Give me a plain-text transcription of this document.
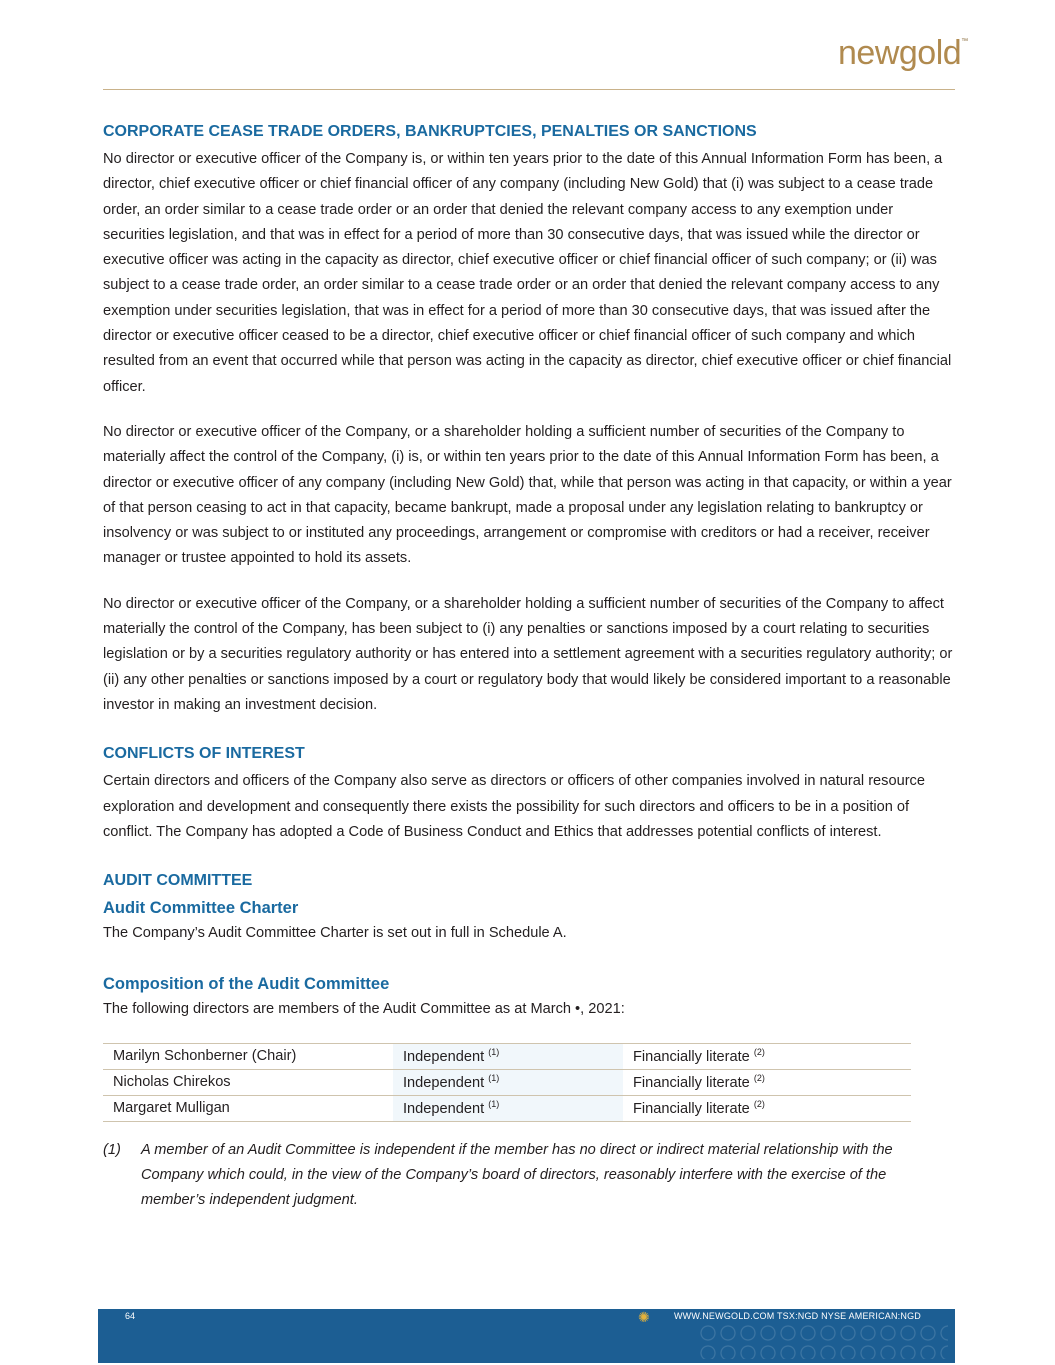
newgold™
CORPORATE CEASE TRADE ORDERS, BANKRUPTCIES, PENALTIES OR SANCTIONS

No director or executive officer of the Company is, or within ten years prior to the date of this Annual Information Form has been, a director, chief executive officer or chief financial officer of any company (including New Gold) that (i) was subject to a cease trade order, an order similar to a cease trade order or an order that denied the relevant company access to any exemption under securities legislation, and that was in effect for a period of more than 30 consecutive days, that was issued while the director or executive officer was acting in the capacity as director, chief executive officer or chief financial officer of such company; or (ii) was subject to a cease trade order, an order similar to a cease trade order or an order that denied the relevant company access to any exemption under securities legislation, that was in effect for a period of more than 30 consecutive days, that was issued after the director or executive officer ceased to be a director, chief executive officer or chief financial officer of such company and which resulted from an event that occurred while that person was acting in the capacity as director, chief executive officer or chief financial officer.

No director or executive officer of the Company, or a shareholder holding a sufficient number of securities of the Company to materially affect the control of the Company, (i) is, or within ten years prior to the date of this Annual Information Form has been, a director or executive officer of any company (including New Gold) that, while that person was acting in that capacity, or within a year of that person ceasing to act in that capacity, became bankrupt, made a proposal under any legislation relating to bankruptcy or insolvency or was subject to or instituted any proceedings, arrangement or compromise with creditors or had a receiver, receiver manager or trustee appointed to hold its assets.

No director or executive officer of the Company, or a shareholder holding a sufficient number of securities of the Company to affect materially the control of the Company, has been subject to (i) any penalties or sanctions imposed by a court relating to securities legislation or by a securities regulatory authority or has entered into a settlement agreement with a securities regulatory authority; or (ii) any other penalties or sanctions imposed by a court or regulatory body that would likely be considered important to a reasonable investor in making an investment decision.

CONFLICTS OF INTEREST

Certain directors and officers of the Company also serve as directors or officers of other companies involved in natural resource exploration and development and consequently there exists the possibility for such directors and officers to be in a position of conflict. The Company has adopted a Code of Business Conduct and Ethics that addresses potential conflicts of interest.

AUDIT COMMITTEE
Audit Committee Charter

The Company’s Audit Committee Charter is set out in full in Schedule A.

Composition of the Audit Committee

The following directors are members of the Audit Committee as at March •, 2021:

Marilyn Schonberner (Chair)	Independent $^{(1)}$	Financially literate $^{(2)}$
Nicholas Chirekos	Independent $^{(1)}$	Financially literate $^{(2)}$
Margaret Mulligan	Independent $^{(1)}$	Financially literate $^{(2)}$
(1)	A member of an Audit Committee is independent if the member has no direct or indirect material relationship with the Company which could, in the view of the Company’s board of directors, reasonably interfere with the exercise of the member’s independent judgment.
64	✺	WWW.NEWGOLD.COM TSX:NGD NYSE AMERICAN:NGD
